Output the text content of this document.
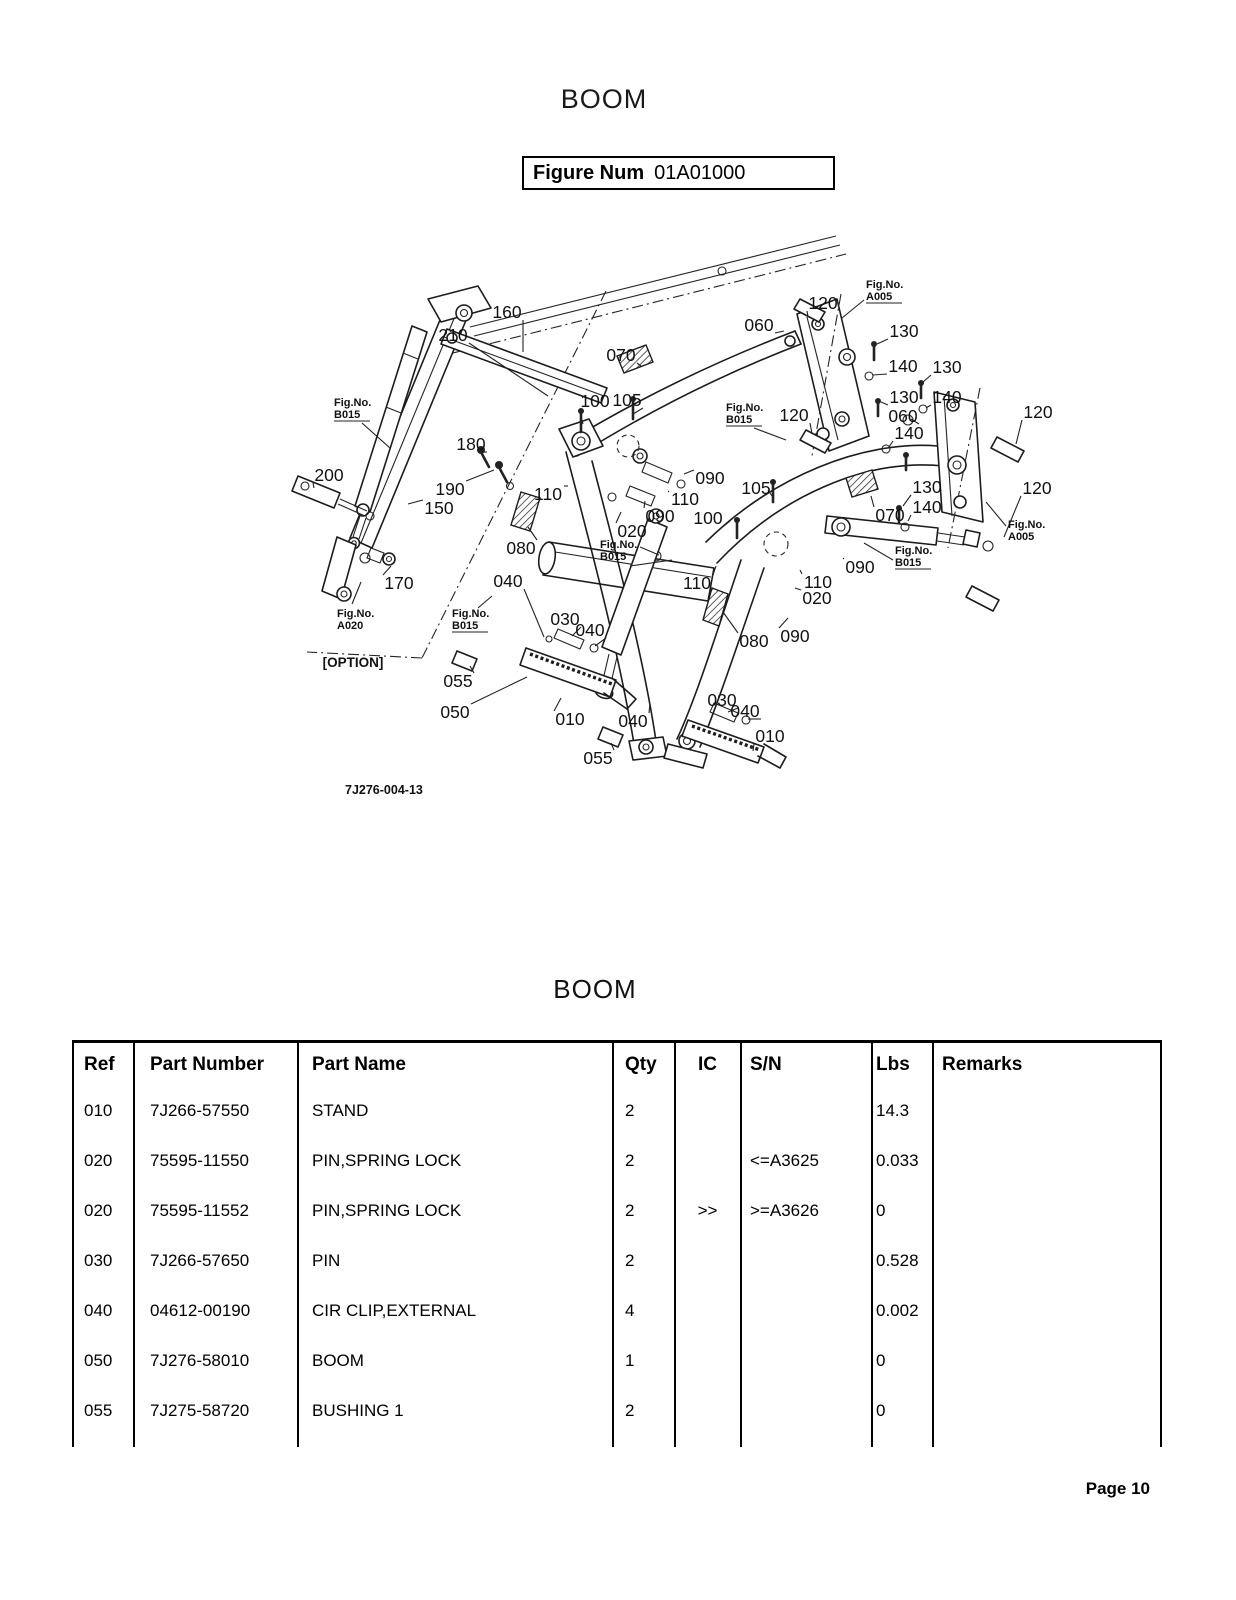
BOOM
Figure Num 01A01000
160
210
070
100 105
120
060	130
140 130
130 140
060
140
120	120
110
090
110
090
020
100
105	130
140
070
120
090
110
020
080
200
180
190
150
170	040
030
040
110
080 090
055
050	010 040
030
040
055
010
Fig.No.
B015
Fig.No.
A005
Fig.No.
B015
Fig.No.
B015
Fig.No.
A020
Fig.No.
B015
Fig.No.
B015
Fig.No.
A005
[OPTION]
7J276-004-13
BOOM
Ref	Part Number	Part Name	Qty	IC	S/N	Lbs	Remarks
010	7J266-57550	STAND	2			14.3	
020	75595-11550	PIN,SPRING LOCK	2		<=A3625	0.033	
020	75595-11552	PIN,SPRING LOCK	2	>>	>=A3626	0	
030	7J266-57650	PIN	2			0.528	
040	04612-00190	CIR CLIP,EXTERNAL	4			0.002	
050	7J276-58010	BOOM	1			0	
055	7J275-58720	BUSHING 1	2			0	

Page 10
